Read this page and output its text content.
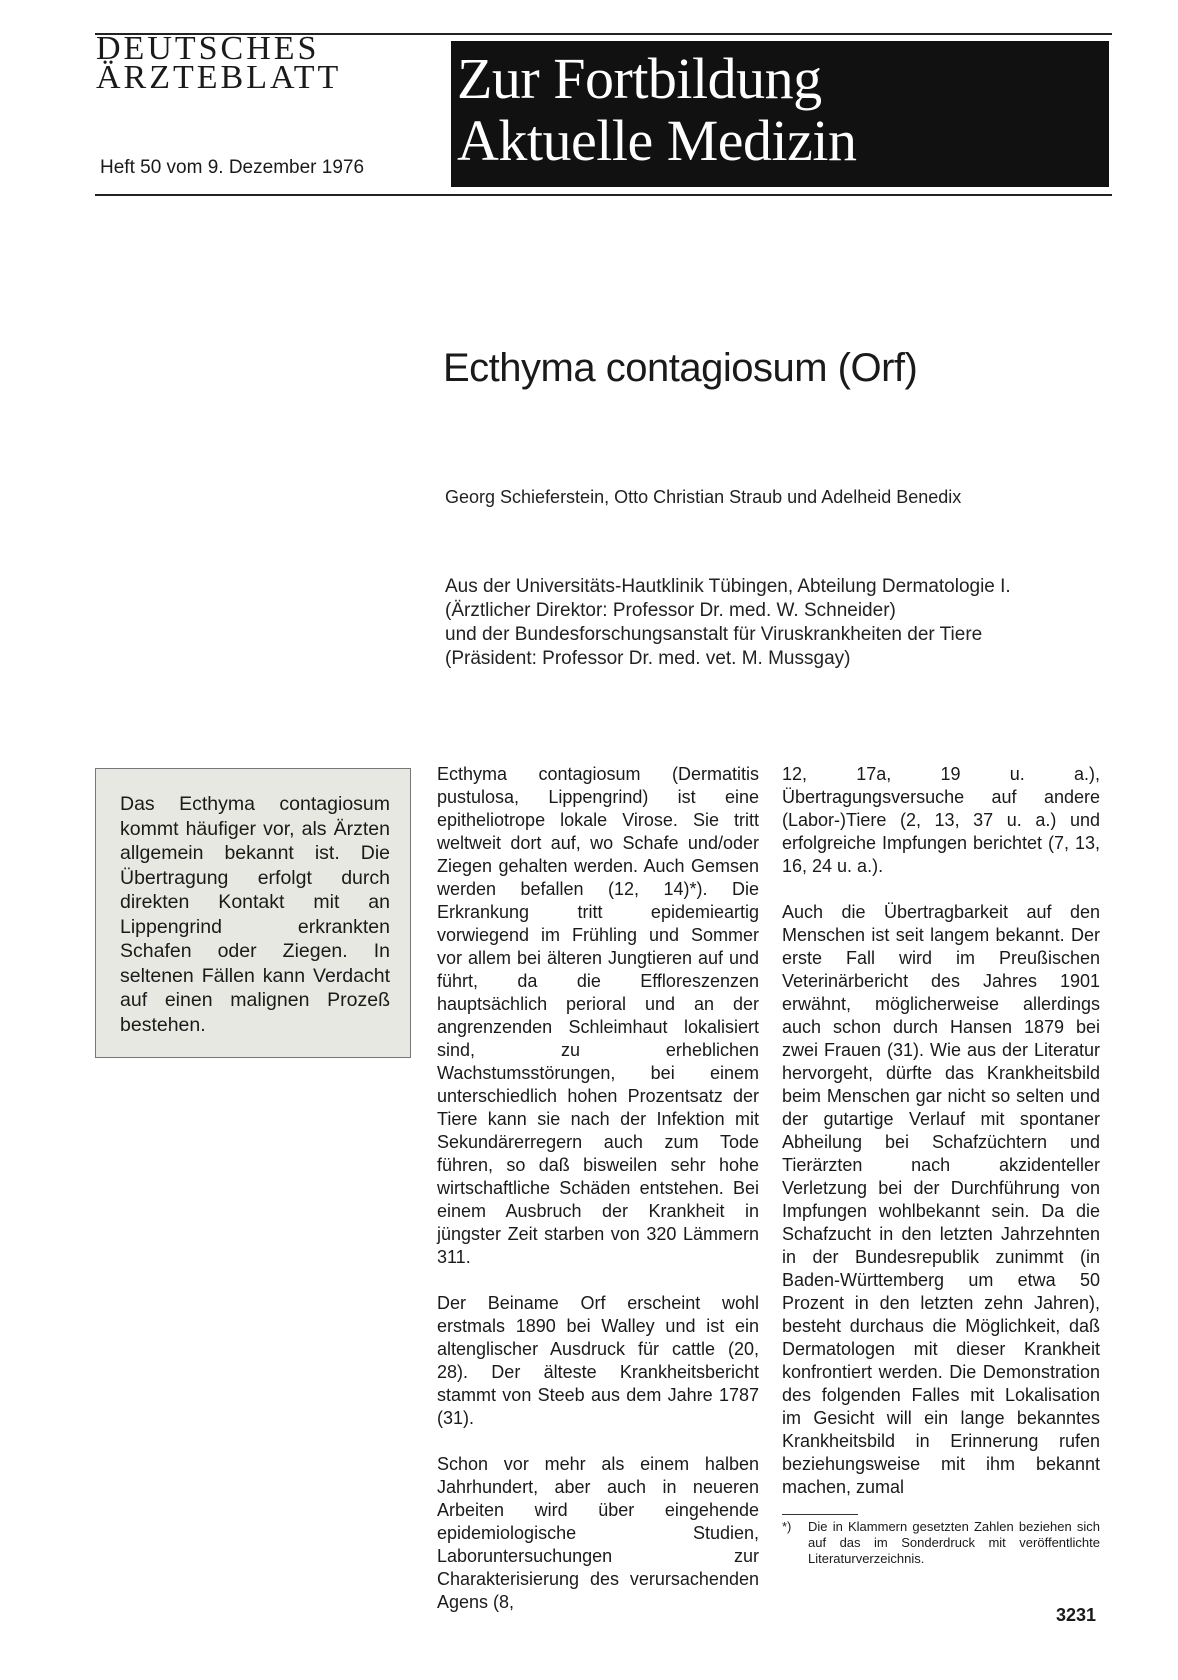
DEUTSCHES
ÄRZTEBLATT
Heft 50 vom 9. Dezember 1976
Zur Fortbildung
Aktuelle Medizin
Ecthyma contagiosum (Orf)
Georg Schieferstein, Otto Christian Straub und Adelheid Benedix
Aus der Universitäts-Hautklinik Tübingen, Abteilung Dermatologie I.
(Ärztlicher Direktor: Professor Dr. med. W. Schneider)
und der Bundesforschungsanstalt für Viruskrankheiten der Tiere
(Präsident: Professor Dr. med. vet. M. Mussgay)
Das Ecthyma contagiosum kommt häufiger vor, als Ärzten allgemein bekannt ist. Die Übertragung erfolgt durch direkten Kontakt mit an Lippengrind erkrankten Schafen oder Ziegen. In seltenen Fällen kann Verdacht auf einen malignen Prozeß bestehen.

Ecthyma contagiosum (Dermatitis pustulosa, Lippengrind) ist eine epitheliotrope lokale Virose. Sie tritt weltweit dort auf, wo Schafe und/oder Ziegen gehalten werden. Auch Gemsen werden befallen (12, 14)*). Die Erkrankung tritt epidemieartig vorwiegend im Frühling und Sommer vor allem bei älteren Jungtieren auf und führt, da die Effloreszenzen hauptsächlich perioral und an der angrenzenden Schleimhaut lokalisiert sind, zu erheblichen Wachstumsstörungen, bei einem unterschiedlich hohen Prozentsatz der Tiere kann sie nach der Infektion mit Sekundärerregern auch zum Tode führen, so daß bisweilen sehr hohe wirtschaftliche Schäden entstehen. Bei einem Ausbruch der Krankheit in jüngster Zeit starben von 320 Lämmern 311.

Der Beiname Orf erscheint wohl erstmals 1890 bei Walley und ist ein altenglischer Ausdruck für cattle (20, 28). Der älteste Krankheitsbericht stammt von Steeb aus dem Jahre 1787 (31).

Schon vor mehr als einem halben Jahrhundert, aber auch in neueren Arbeiten wird über eingehende epidemiologische Studien, Laboruntersuchungen zur Charakterisierung des verursachenden Agens (8,

12, 17a, 19 u. a.), Übertragungsversuche auf andere (Labor-)Tiere (2, 13, 37 u. a.) und erfolgreiche Impfungen berichtet (7, 13, 16, 24 u. a.).

Auch die Übertragbarkeit auf den Menschen ist seit langem bekannt. Der erste Fall wird im Preußischen Veterinärbericht des Jahres 1901 erwähnt, möglicherweise allerdings auch schon durch Hansen 1879 bei zwei Frauen (31). Wie aus der Literatur hervorgeht, dürfte das Krankheitsbild beim Menschen gar nicht so selten und der gutartige Verlauf mit spontaner Abheilung bei Schafzüchtern und Tierärzten nach akzidenteller Verletzung bei der Durchführung von Impfungen wohlbekannt sein. Da die Schafzucht in den letzten Jahrzehnten in der Bundesrepublik zunimmt (in Baden-Württemberg um etwa 50 Prozent in den letzten zehn Jahren), besteht durchaus die Möglichkeit, daß Dermatologen mit dieser Krankheit konfrontiert werden. Die Demonstration des folgenden Falles mit Lokalisation im Gesicht will ein lange bekanntes Krankheitsbild in Erinnerung rufen beziehungsweise mit ihm bekannt machen, zumal

*) Die in Klammern gesetzten Zahlen beziehen sich auf das im Sonderdruck mit veröffentlichte Literaturverzeichnis.
3231
